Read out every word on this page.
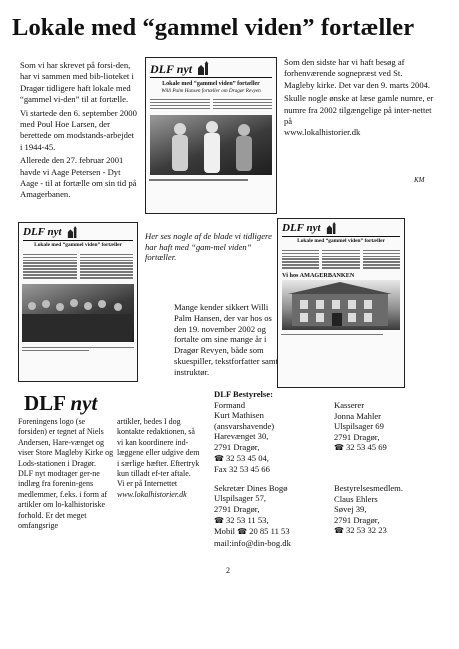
Lokale med “gammel viden” fortæller

Som vi har skrevet på forsi-den, har vi sammen med bib-lioteket i Dragør tidligere haft lokale med “gammel vi-den” til at fortælle.

Vi startede den 6. september 2000 med Poul Hoe Larsen, der berettede om modstands-arbejdet i 1944-45.

Allerede den 27. februar 2001 havde vi Aage Petersen - Dyt Aage - til at fortælle om sin tid på Amagerbanen.

DLF nyt
Lokale med “gammel viden” fortæller
Willi Palm Hansen fortæller om Dragør Revyen

Som den sidste har vi haft besøg af forhenværende sognepræst ved St. Magleby kirke. Det var den 9. marts 2004.

Skulle nogle ønske at læse gamle numre, er numre fra 2002 tilgængelige på inter-nettet på

www.lokalhistorier.dk

KM
DLF nyt
Lokale med “gammel viden” fortæller
Her ses nogle af de blade vi tidligere har haft med “gam-mel viden” fortæller.
DLF nyt
Lokale med “gammel viden” fortæller
Vi hos AMAGERBANKEN
Mange kender sikkert Willi Palm Hansen, der var hos os den 19. november 2002 og fortalte om sine mange år i Dragør Revyen, både som skuespiller, tekstforfatter samt instruktør.
DLF nyt

Foreningens logo (se forsiden) er tegnet af Niels Andersen, Hare-vænget og viser Store Magleby Kirke og Lods-stationen i Dragør.

DLF nyt modtager ger-ne indlæg fra forenin-gens medlemmer, f.eks. i form af artikler om lo-kalhistoriske forhold. Er det meget omfangsrige

artikler, bedes I dog kontakte redaktionen, så vi kan koordinere ind-læggene eller udgive dem i særlige hæfter. Eftertryk kun tilladt ef-ter aftale.

Vi er på Internettet

www.lokalhistorier.dk

DLF Bestyrelse:

Formand

Kurt Mathisen

(ansvarshavende)

Harevænget 30,

2791 Dragør,

☎ 32 53 45 04,

Fax 32 53 45 66

Sekretær Dines Bogø

Ulspilsager 57,

2791 Dragør,

☎ 32 53 11 53,

Mobil ☎ 20 85 11 53

mail:info@din-bog.dk

Kasserer

Jonna Mahler

Ulspilsager 69

2791 Dragør,

☎ 32 53 45 69

Bestyrelsesmedlem.

Claus Ehlers

Søvej 39,

2791 Dragør,

☎ 32 53 32 23

2
